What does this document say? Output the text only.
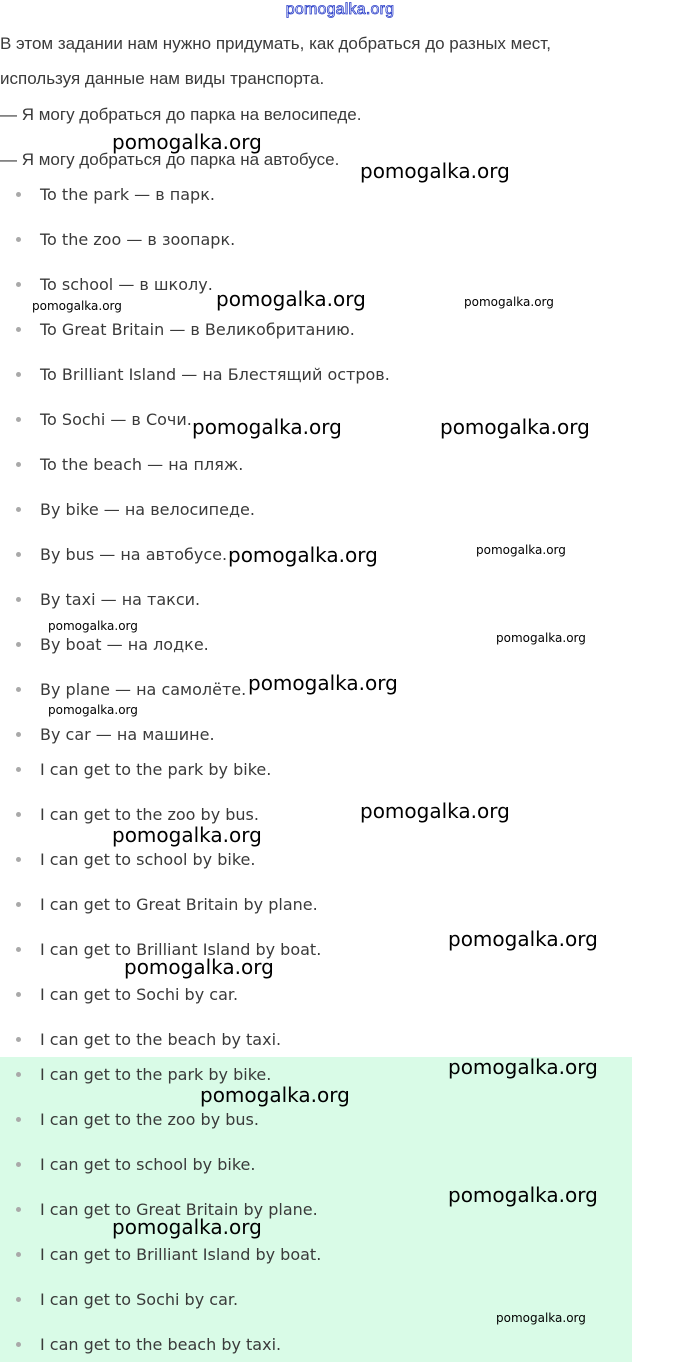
pomogalka.org

В этом задании нам нужно придумать, как добраться до разных мест,

используя данные нам виды транспорта.

— Я могу добраться до парка на велосипеде.

— Я могу добраться до парка на автобусе.

To the park — в парк.
To the zoo — в зоопарк.
To school — в школу.
To Great Britain — в Великобританию.
To Brilliant Island — на Блестящий остров.
To Sochi — в Сочи.
To the beach — на пляж.
By bike — на велосипеде.
By bus — на автобусе.
By taxi — на такси.
By boat — на лодке.
By plane — на самолёте.
By car — на машине.
I can get to the park by bike.
I can get to the zoo by bus.
I can get to school by bike.
I can get to Great Britain by plane.
I can get to Brilliant Island by boat.
I can get to Sochi by car.
I can get to the beach by taxi.
I can get to the park by bike.
I can get to the zoo by bus.
I can get to school by bike.
I can get to Great Britain by plane.
I can get to Brilliant Island by boat.
I can get to Sochi by car.
I can get to the beach by taxi.
pomogalka.org
pomogalka.org
pomogalka.org	pomogalka.org	pomogalka.org
pomogalka.org	pomogalka.org
pomogalka.org	pomogalka.org
pomogalka.org
pomogalka.org
pomogalka.org
pomogalka.org
pomogalka.org
pomogalka.org
pomogalka.org
pomogalka.org
pomogalka.org
pomogalka.org
pomogalka.org
pomogalka.org
pomogalka.org
